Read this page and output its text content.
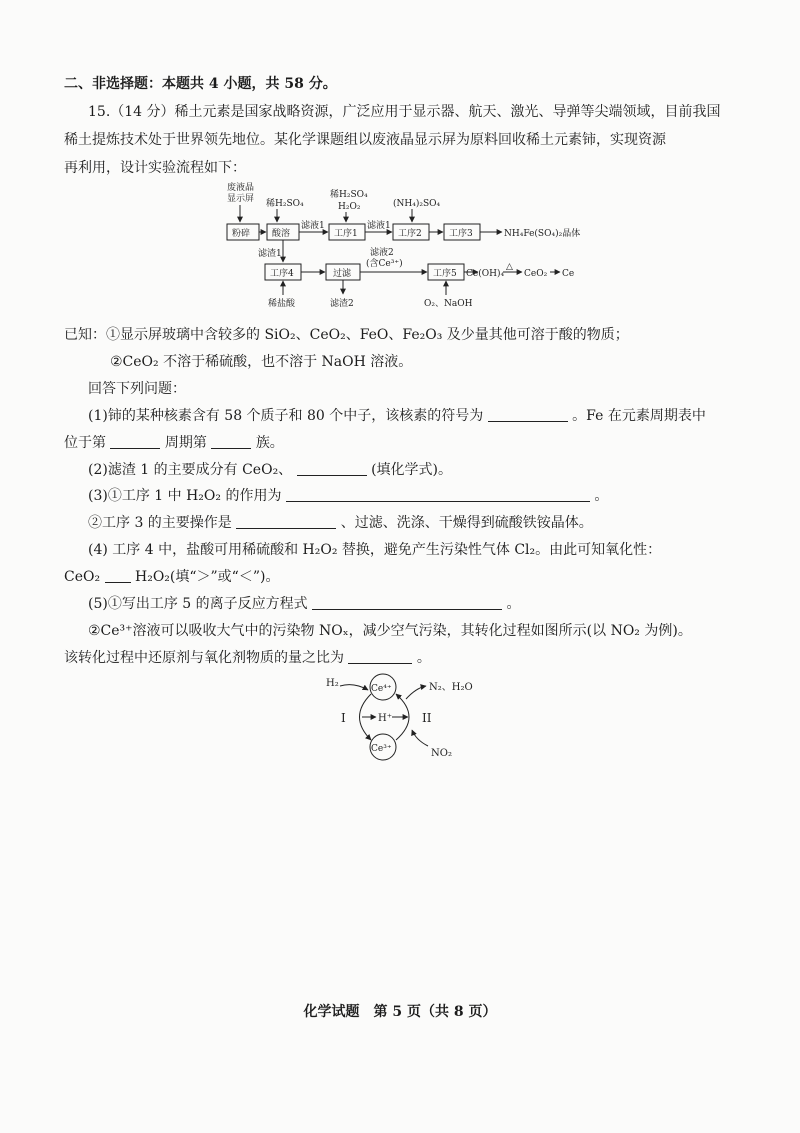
二、非选择题：本题共 4 小题，共 58 分。
15.（14 分）稀土元素是国家战略资源，广泛应用于显示器、航天、激光、导弹等尖端领域，目前我国
稀土提炼技术处于世界领先地位。某化学课题组以废液晶显示屏为原料回收稀土元素铈，实现资源
再利用，设计实验流程如下：
废液晶
显示屏 稀H₂SO₄
稀H₂SO₄
H₂O₂	(NH₄)₂SO₄
粉碎 酸溶	工序1	工序2	工序3
滤液1	滤液1
NH₄Fe(SO₄)₂晶体
滤渣1
工序4	过滤	工序5
滤液2
(含Ce³⁺)
稀盐酸	滤渣2	O₂、NaOH
Ce(OH)₄
△
CeO₂ Ce
已知：①显示屏玻璃中含较多的 SiO₂、CeO₂、FeO、Fe₂O₃ 及少量其他可溶于酸的物质；
②CeO₂ 不溶于稀硫酸，也不溶于 NaOH 溶液。
回答下列问题：
(1)铈的某种核素含有 58 个质子和 80 个中子，该核素的符号为	。Fe 在元素周期表中
位于第	周期第	族。
(2)滤渣 1 的主要成分有 CeO₂、	(填化学式)。
(3)①工序 1 中 H₂O₂ 的作用为	。
②工序 3 的主要操作是	、过滤、洗涤、干燥得到硫酸铁铵晶体。
(4) 工序 4 中，盐酸可用稀硫酸和 H₂O₂ 替换，避免产生污染性气体 Cl₂。由此可知氧化性：
CeO₂ H₂O₂(填“＞”或“＜”)。
(5)①写出工序 5 的离子反应方程式	。
②Ce³⁺溶液可以吸收大气中的污染物 NOₓ，减少空气污染，其转化过程如图所示(以 NO₂ 为例)。
该转化过程中还原剂与氧化剂物质的量之比为	。
H₂	Ce⁴⁺
Ce³⁺
H⁺
N₂、H₂O
NO₂
I	II
化学试题　第 5 页（共 8 页）
